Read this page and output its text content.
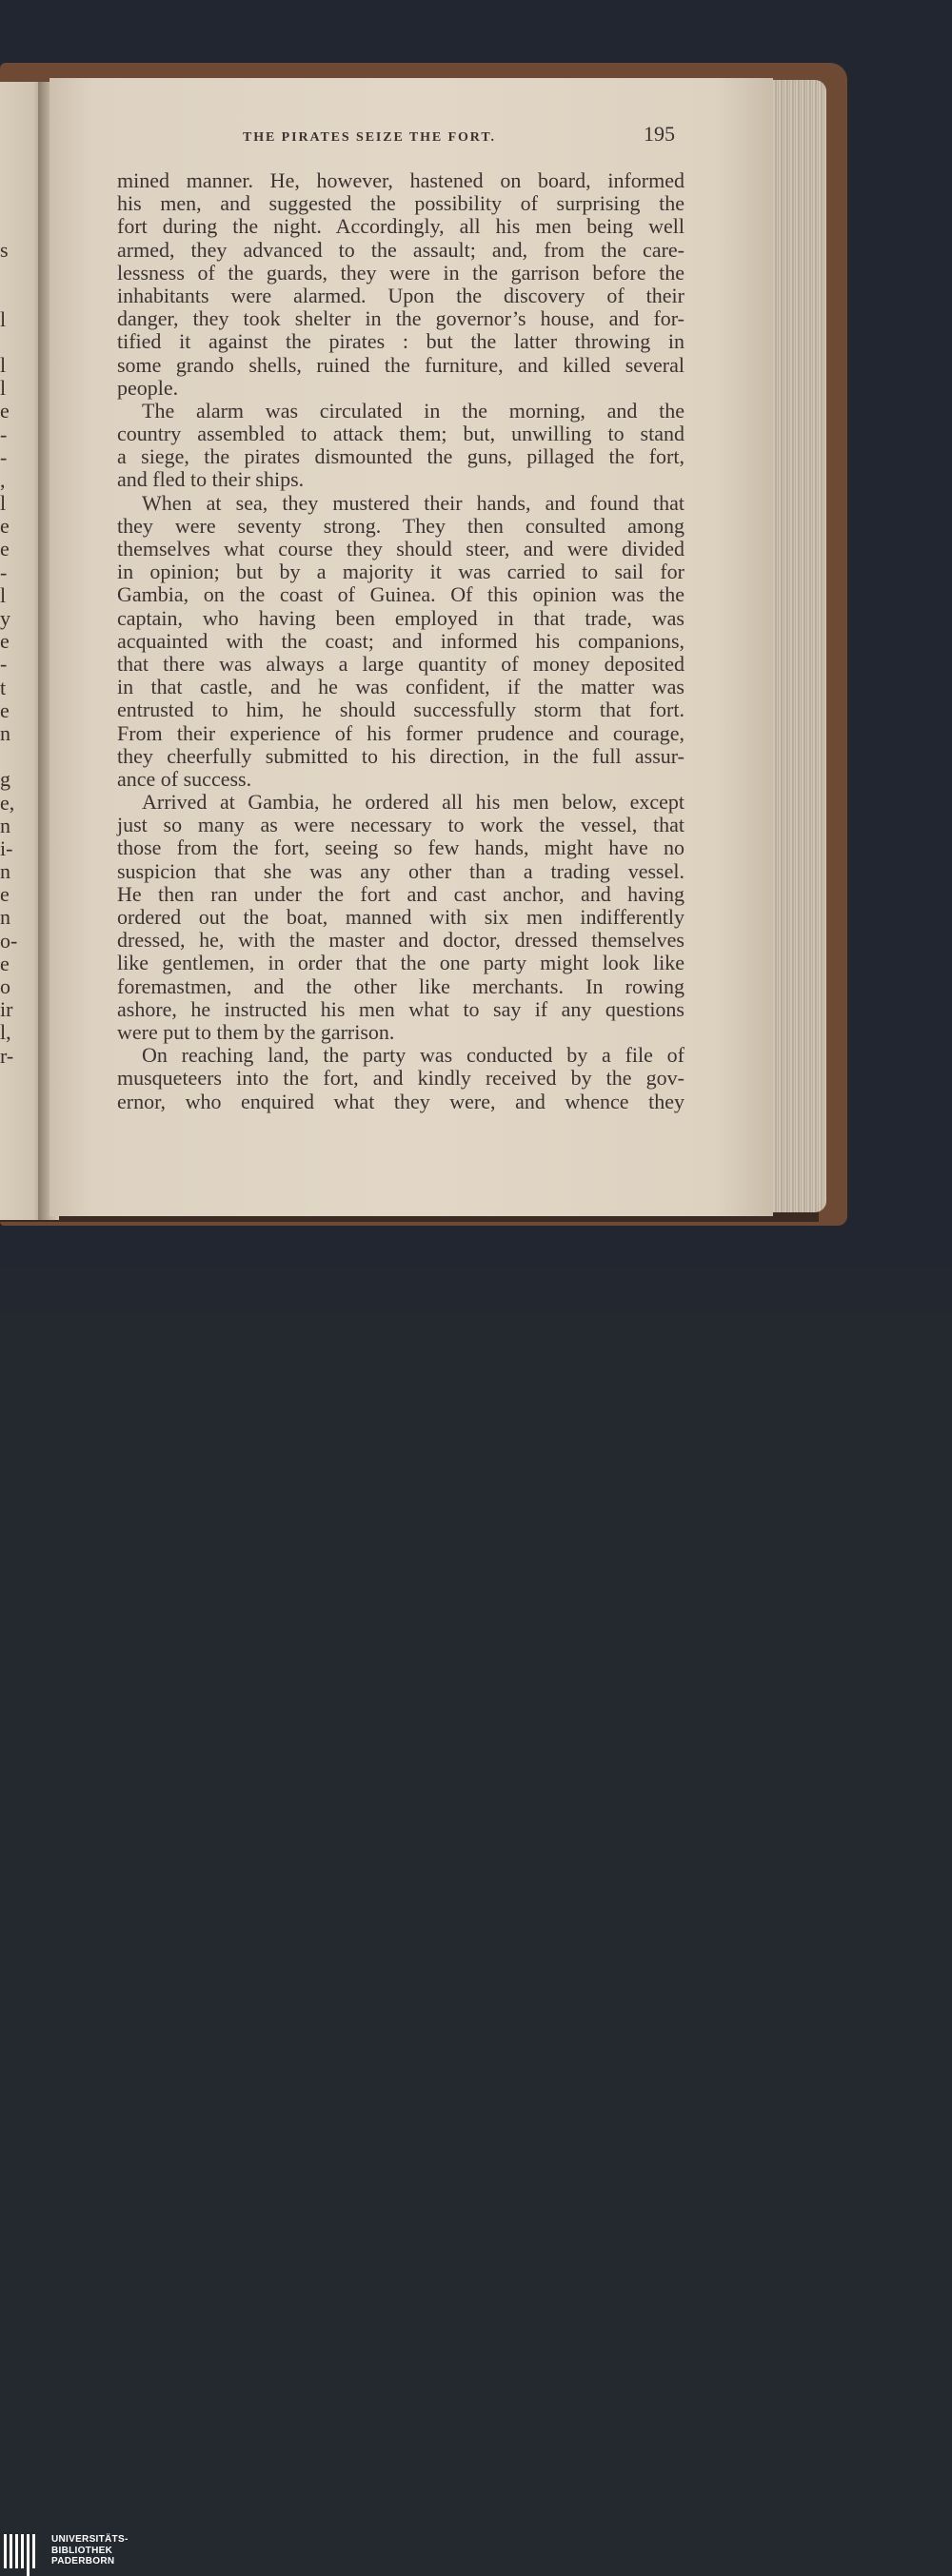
s
l
l
l
e
-
-
,
l
e
e
-
l
y
e
-
t
e
n
g
e,
n
i-
n
e
n
o-
e
o
ir
l,
r-
THE PIRATES SEIZE THE FORT.	195
mined manner. He, however, hastened on board, informed
his men, and suggested the possibility of surprising the
fort during the night. Accordingly, all his men being well
armed, they advanced to the assault; and, from the care-
lessness of the guards, they were in the garrison before the
inhabitants were alarmed. Upon the discovery of their
danger, they took shelter in the governor’s house, and for-
tified it against the pirates : but the latter throwing in
some grando shells, ruined the furniture, and killed several
people.
The alarm was circulated in the morning, and the
country assembled to attack them; but, unwilling to stand
a siege, the pirates dismounted the guns, pillaged the fort,
and fled to their ships.
When at sea, they mustered their hands, and found that
they were seventy strong. They then consulted among
themselves what course they should steer, and were divided
in opinion; but by a majority it was carried to sail for
Gambia, on the coast of Guinea. Of this opinion was the
captain, who having been employed in that trade, was
acquainted with the coast; and informed his companions,
that there was always a large quantity of money deposited
in that castle, and he was confident, if the matter was
entrusted to him, he should successfully storm that fort.
From their experience of his former prudence and courage,
they cheerfully submitted to his direction, in the full assur-
ance of success.
Arrived at Gambia, he ordered all his men below, except
just so many as were necessary to work the vessel, that
those from the fort, seeing so few hands, might have no
suspicion that she was any other than a trading vessel.
He then ran under the fort and cast anchor, and having
ordered out the boat, manned with six men indifferently
dressed, he, with the master and doctor, dressed themselves
like gentlemen, in order that the one party might look like
foremastmen, and the other like merchants. In rowing
ashore, he instructed his men what to say if any questions
were put to them by the garrison.
On reaching land, the party was conducted by a file of
musqueteers into the fort, and kindly received by the gov-
ernor, who enquired what they were, and whence they
UNIVERSITÄTS-
BIBLIOTHEK
PADERBORN
